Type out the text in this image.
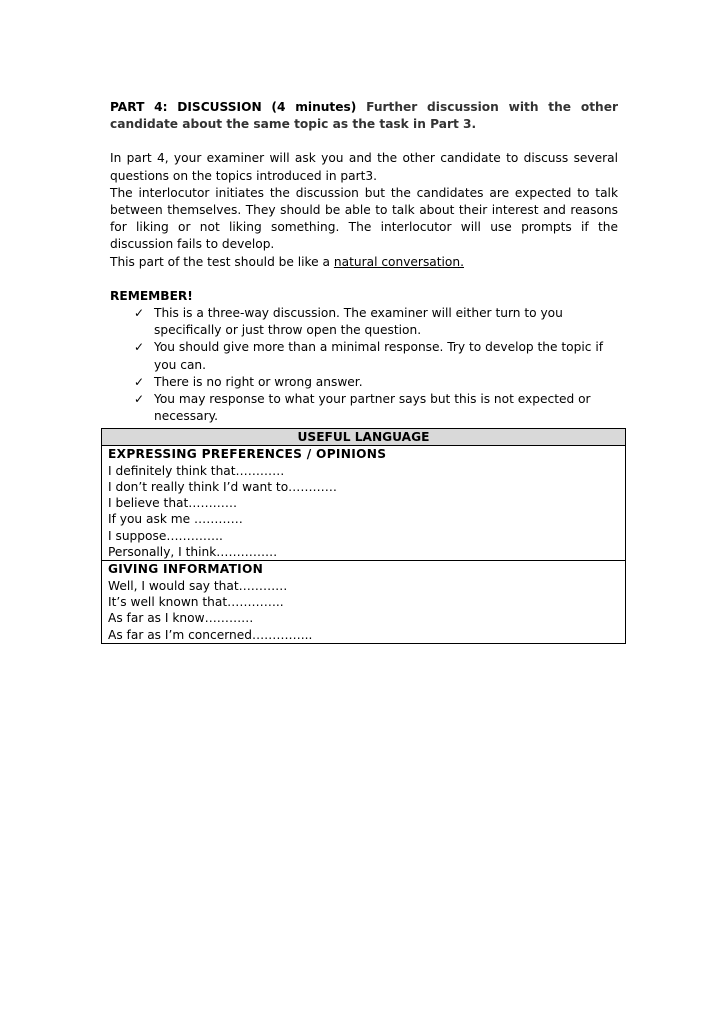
PART 4: DISCUSSION (4 minutes) Further discussion with the other candidate about the same topic as the task in Part 3.

In part 4, your examiner will ask you and the other candidate to discuss several questions on the topics introduced in part3.

The interlocutor initiates the discussion but the candidates are expected to talk between themselves. They should be able to talk about their interest and reasons for liking or not liking something. The interlocutor will use prompts if the discussion fails to develop.

This part of the test should be like a natural conversation.

REMEMBER!

✓ This is a three-way discussion. The examiner will either turn to you specifically or just throw open the question.
✓ You should give more than a minimal response. Try to develop the topic if you can.
✓ There is no right or wrong answer.
✓ You may response to what your partner says but this is not expected or necessary.
USEFUL LANGUAGE

EXPRESSING PREFERENCES / OPINIONS
I definitely think that…………
I don’t really think I’d want to…………
I believe that…………
If you ask me …………
I suppose…………..
Personally, I think……………

GIVING INFORMATION
Well, I would say that…………
It’s well known that…………..
As far as I know…………
As far as I’m concerned…………...
